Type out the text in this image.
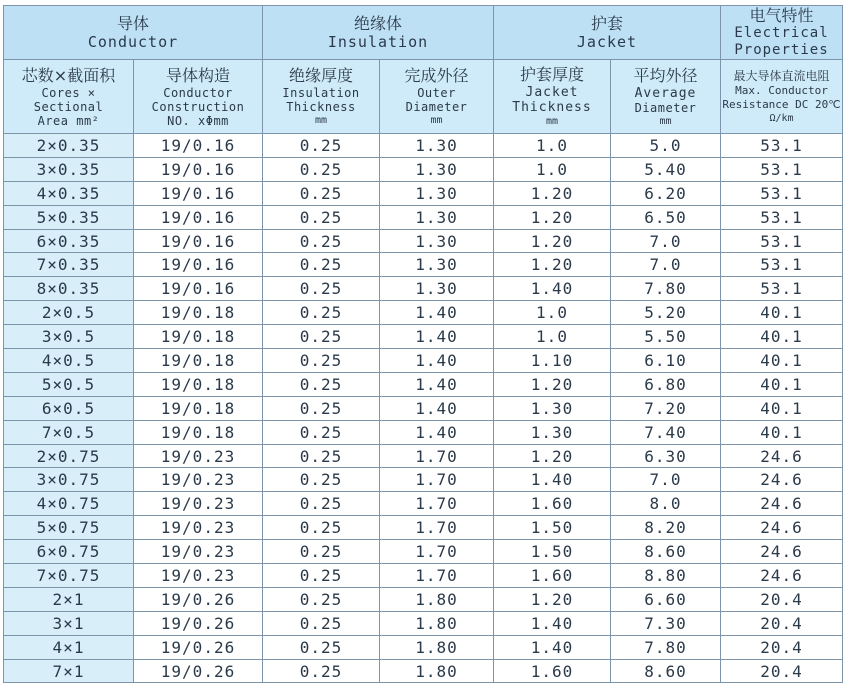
导体
Conductor		绝缘体
Insulation		护套
Jacket		电气特性
Electrical
Properties

芯数×截面积
Cores ×
Sectional
Area mm²	导体构造
Conductor
Construction
NO. xΦmm	绝缘厚度
Insulation
Thickness
mm	完成外径
Outer
Diameter
mm	护套厚度
Jacket
Thickness
mm	平均外径
Average
Diameter
mm	最大导体直流电阻
Max. Conductor
Resistance DC 20℃
Ω/km

2×0.35	19/0.16	0.25	1.30	1.0	5.0	53.1
3×0.35	19/0.16	0.25	1.30	1.0	5.40	53.1
4×0.35	19/0.16	0.25	1.30	1.20	6.20	53.1
5×0.35	19/0.16	0.25	1.30	1.20	6.50	53.1
6×0.35	19/0.16	0.25	1.30	1.20	7.0	53.1
7×0.35	19/0.16	0.25	1.30	1.20	7.0	53.1
8×0.35	19/0.16	0.25	1.30	1.40	7.80	53.1
2×0.5	19/0.18	0.25	1.40	1.0	5.20	40.1
3×0.5	19/0.18	0.25	1.40	1.0	5.50	40.1
4×0.5	19/0.18	0.25	1.40	1.10	6.10	40.1
5×0.5	19/0.18	0.25	1.40	1.20	6.80	40.1
6×0.5	19/0.18	0.25	1.40	1.30	7.20	40.1
7×0.5	19/0.18	0.25	1.40	1.30	7.40	40.1
2×0.75	19/0.23	0.25	1.70	1.20	6.30	24.6
3×0.75	19/0.23	0.25	1.70	1.40	7.0	24.6
4×0.75	19/0.23	0.25	1.70	1.60	8.0	24.6
5×0.75	19/0.23	0.25	1.70	1.50	8.20	24.6
6×0.75	19/0.23	0.25	1.70	1.50	8.60	24.6
7×0.75	19/0.23	0.25	1.70	1.60	8.80	24.6
2×1	19/0.26	0.25	1.80	1.20	6.60	20.4
3×1	19/0.26	0.25	1.80	1.40	7.30	20.4
4×1	19/0.26	0.25	1.80	1.40	7.80	20.4
7×1	19/0.26	0.25	1.80	1.60	8.60	20.4
